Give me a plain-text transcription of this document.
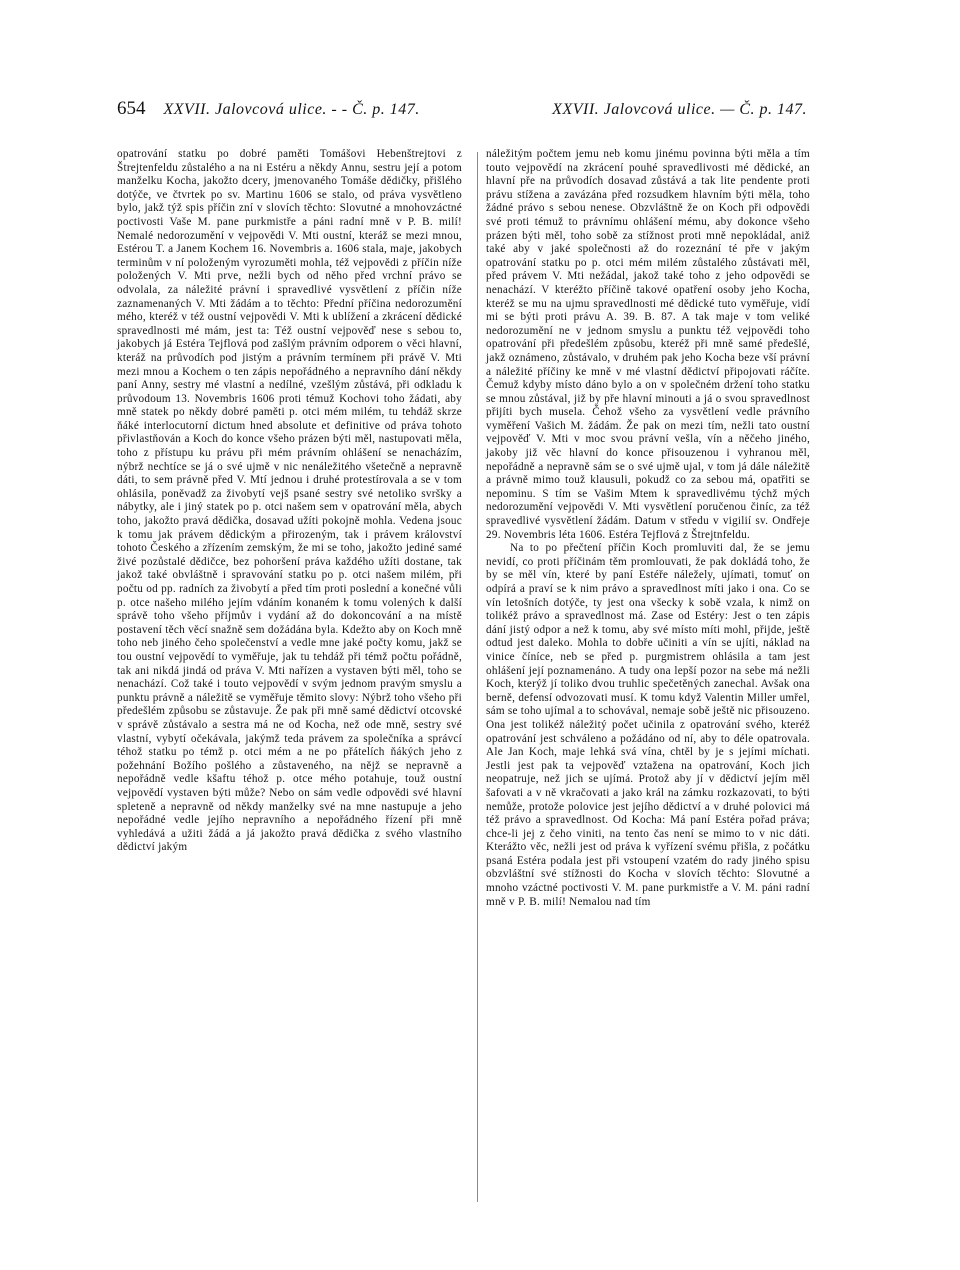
654 XXVII. Jalovcová ulice. - - Č. p. 147.	XXVII. Jalovcová ulice. — Č. p. 147.

opatrování statku po dobré paměti Tomášovi Hebenštrejtovi z Štrejtenfeldu zůstalého a na ni Estéru a někdy Annu, sestru její a potom manželku Kocha, jakožto dcery, jmenovaného Tomáše dědičky, přišlého dotýče, ve čtvrtek po sv. Martinu 1606 se stalo, od práva vysvětleno bylo, jakž týž spis příčin zní v slovích těchto: Slovutné a mnohovzáctné poctivosti Vaše M. pane purkmistře a páni radní mně v P. B. milí! Nemalé nedorozumění v vejpovědi V. Mti oustní, kteráž se mezi mnou, Estérou T. a Janem Kochem 16. Novembris a. 1606 stala, maje, jakobych terminům v ní položeným vyrozuměti mohla, též vejpovědi z příčin níže položených V. Mti prve, nežli bych od něho před vrchní právo se odvolala, za náležité právní i spravedlivé vysvětlení z příčin níže zaznamenaných V. Mti žádám a to těchto: Přední příčina nedorozumění mého, kteréž v též oustní vejpovědi V. Mti k ublížení a zkrácení dědické spravedlnosti mé mám, jest ta: Též oustní vejpověď nese s sebou to, jakobych já Estéra Tejflová pod zašlým právním odporem o věci hlavní, kteráž na průvodích pod jistým a právním termínem při právě V. Mti mezi mnou a Kochem o ten zápis nepořádného a nepravního dání někdy paní Anny, sestry mé vlastní a nedílné, vzešlým zůstává, při odkladu k průvodoum 13. Novembris 1606 proti témuž Kochovi toho žádati, aby mně statek po někdy dobré paměti p. otci mém milém, tu tehdáž skrze ňáké interlocutorní dictum hned absolute et definitive od práva tohoto přivlastňován a Koch do konce všeho prázen býti měl, nastupovati měla, toho z přístupu ku právu při mém právním ohlášení se nenacházím, nýbrž nechtíce se já o své ujmě v nic nenáležitého všetečně a nepravně dáti, to sem právně před V. Mtí jednou i druhé protestírovala a se v tom ohlásila, poněvadž za živobytí vejš psané sestry své netoliko svršky a nábytky, ale i jiný statek po p. otci našem sem v opatrování měla, abych toho, jakožto pravá dědička, dosavad užíti pokojně mohla. Vedena jsouc k tomu jak právem dědickým a přirozeným, tak i právem království tohoto Českého a zřízením zemským, že mi se toho, jakožto jediné samé živé pozůstalé dědičce, bez pohoršení práva každého užíti dostane, tak jakož také obvláštně i spravování statku po p. otci našem milém, při počtu od pp. radních za živobytí a před tím proti poslední a konečné vůli p. otce našeho milého jejím vdáním konaném k tomu volených k další správě toho všeho příjmův i vydání až do dokoncování a na místě postavení těch věcí snažně sem dožádána byla. Kdežto aby on Koch mně toho neb jiného čeho společenství a vedle mne jaké počty komu, jakž se tou oustní vejpovědí to vyměřuje, jak tu tehdáž při témž počtu pořádně, tak ani nikdá jindá od práva V. Mti nařízen a vystaven býti měl, toho se nenachází. Což také i touto vejpovědí v svým jednom pravým smyslu a punktu právně a náležitě se vyměřuje těmito slovy: Nýbrž toho všeho při předešlém způsobu se zůstavuje. Že pak při mně samé dědictví otcovské v správě zůstávalo a sestra má ne od Kocha, než ode mně, sestry své vlastní, vybytí očekávala, jakýmž teda právem za společníka a správcí téhož statku po témž p. otci mém a ne po přátelích ňákých jeho z požehnání Božího pošlého a zůstaveného, na nějž se nepravně a nepořádně vedle kšaftu téhož p. otce mého potahuje, touž oustní vejpovědí vystaven býti může? Nebo on sám vedle odpovědi své hlavní spleteně a nepravně od někdy manželky své na mne nastupuje a jeho nepořádné vedle jejího nepravního a nepořádného řízení při mně vyhledává a užiti žádá a já jakožto pravá dědička z svého vlastního dědictví jakým

náležitým počtem jemu neb komu jinému povinna býti měla a tím touto vejpovědí na zkrácení pouhé spravedlivosti mé dědické, an hlavní pře na průvodích dosavad zůstává a tak lite pendente proti právu stížena a zavázána před rozsudkem hlavním býti měla, toho žádné právo s sebou nenese. Obzvláštně že on Koch při odpovědi své proti témuž to právnímu ohlášení mému, aby dokonce všeho prázen býti měl, toho sobě za stížnost proti mně nepokládal, aniž také aby v jaké společnosti až do rozeznání té pře v jakým opatrování statku po p. otci mém milém zůstalého zůstávati měl, před právem V. Mti nežádal, jakož také toho z jeho odpovědi se nenachází. V kteréžto příčině takové opatření osoby jeho Kocha, kteréž se mu na ujmu spravedlnosti mé dědické tuto vyměřuje, vidí mi se býti proti právu A. 39. B. 87. A tak maje v tom veliké nedorozumění ne v jednom smyslu a punktu též vejpovědi toho opatrování při předešlém způsobu, kteréž při mně samé předešlé, jakž oznámeno, zůstávalo, v druhém pak jeho Kocha beze vší právní a náležité příčiny ke mně v mé vlastní dědictví připojovati ráčíte. Čemuž kdyby místo dáno bylo a on v společném držení toho statku se mnou zůstával, již by pře hlavní minouti a já o svou spravedlnost přijíti bych musela. Čehož všeho za vysvětlení vedle právního vyměření Vašich M. žádám. Že pak on mezi tím, nežli tato oustní vejpověď V. Mti v moc svou právní vešla, vín a něčeho jiného, jakoby již věc hlavní do konce přisouzenou i vyhranou měl, nepořádně a nepravně sám se o své ujmě ujal, v tom já dále náležitě a právně mimo touž klausuli, pokudž co za sebou má, opatřiti se nepominu. S tím se Vašim Mtem k spravedlivému týchž mých nedorozumění vejpovědi V. Mti vysvětlení poručenou činíc, za též spravedlivé vysvětlení žádám. Datum v středu v vigilií sv. Ondřeje 29. Novembris léta 1606. Estéra Tejflová z Štrejtnfeldu.

Na to po přečtení příčin Koch promluviti dal, že se jemu nevidí, co proti příčinám těm promlouvati, že pak dokládá toho, že by se měl vín, které by paní Estéře náležely, ujímati, tomuť on odpírá a praví se k nim právo a spravedlnost míti jako i ona. Co se vín letošních dotýče, ty jest ona všecky k sobě vzala, k nimž on tolikéž právo a spravedlnost má. Zase od Estéry: Jest o ten zápis dání jistý odpor a než k tomu, aby své místo míti mohl, přijde, ještě odtud jest daleko. Mohla to dobře učiniti a vín se ujíti, náklad na vinice číníce, neb se před p. purgmistrem ohlásila a tam jest ohlášení její poznamenáno. A tudy ona lepší pozor na sebe má nežli Koch, kterýž jí toliko dvou truhlic spečetěných zanechal. Avšak ona berně, defensí odvozovati musí. K tomu když Valentin Miller umřel, sám se toho ujímal a to schovával, nemaje sobě ještě nic přisouzeno. Ona jest tolikéž náležitý počet učinila z opatrování svého, kteréž opatrování jest schváleno a požádáno od ní, aby to déle opatrovala. Ale Jan Koch, maje lehká svá vína, chtěl by je s jejími míchati. Jestli jest pak ta vejpověď vztažena na opatrování, Koch jich neopatruje, než jich se ujímá. Protož aby jí v dědictví jejím měl šafovati a v ně vkračovati a jako král na zámku rozkazovati, to býti nemůže, protože polovice jest jejího dědictví a v druhé polovici má též právo a spravedlnost. Od Kocha: Má paní Estéra pořad práva; chce-li jej z čeho viniti, na tento čas není se mimo to v nic dáti. Kterážto věc, nežli jest od práva k vyřízení svému přišla, z počátku psaná Estéra podala jest při vstoupení vzatém do rady jiného spisu obzvláštní své stížnosti do Kocha v slovích těchto: Slovutné a mnoho vzáctné poctivosti V. M. pane purkmistře a V. M. páni radní mně v P. B. milí! Nemalou nad tím
